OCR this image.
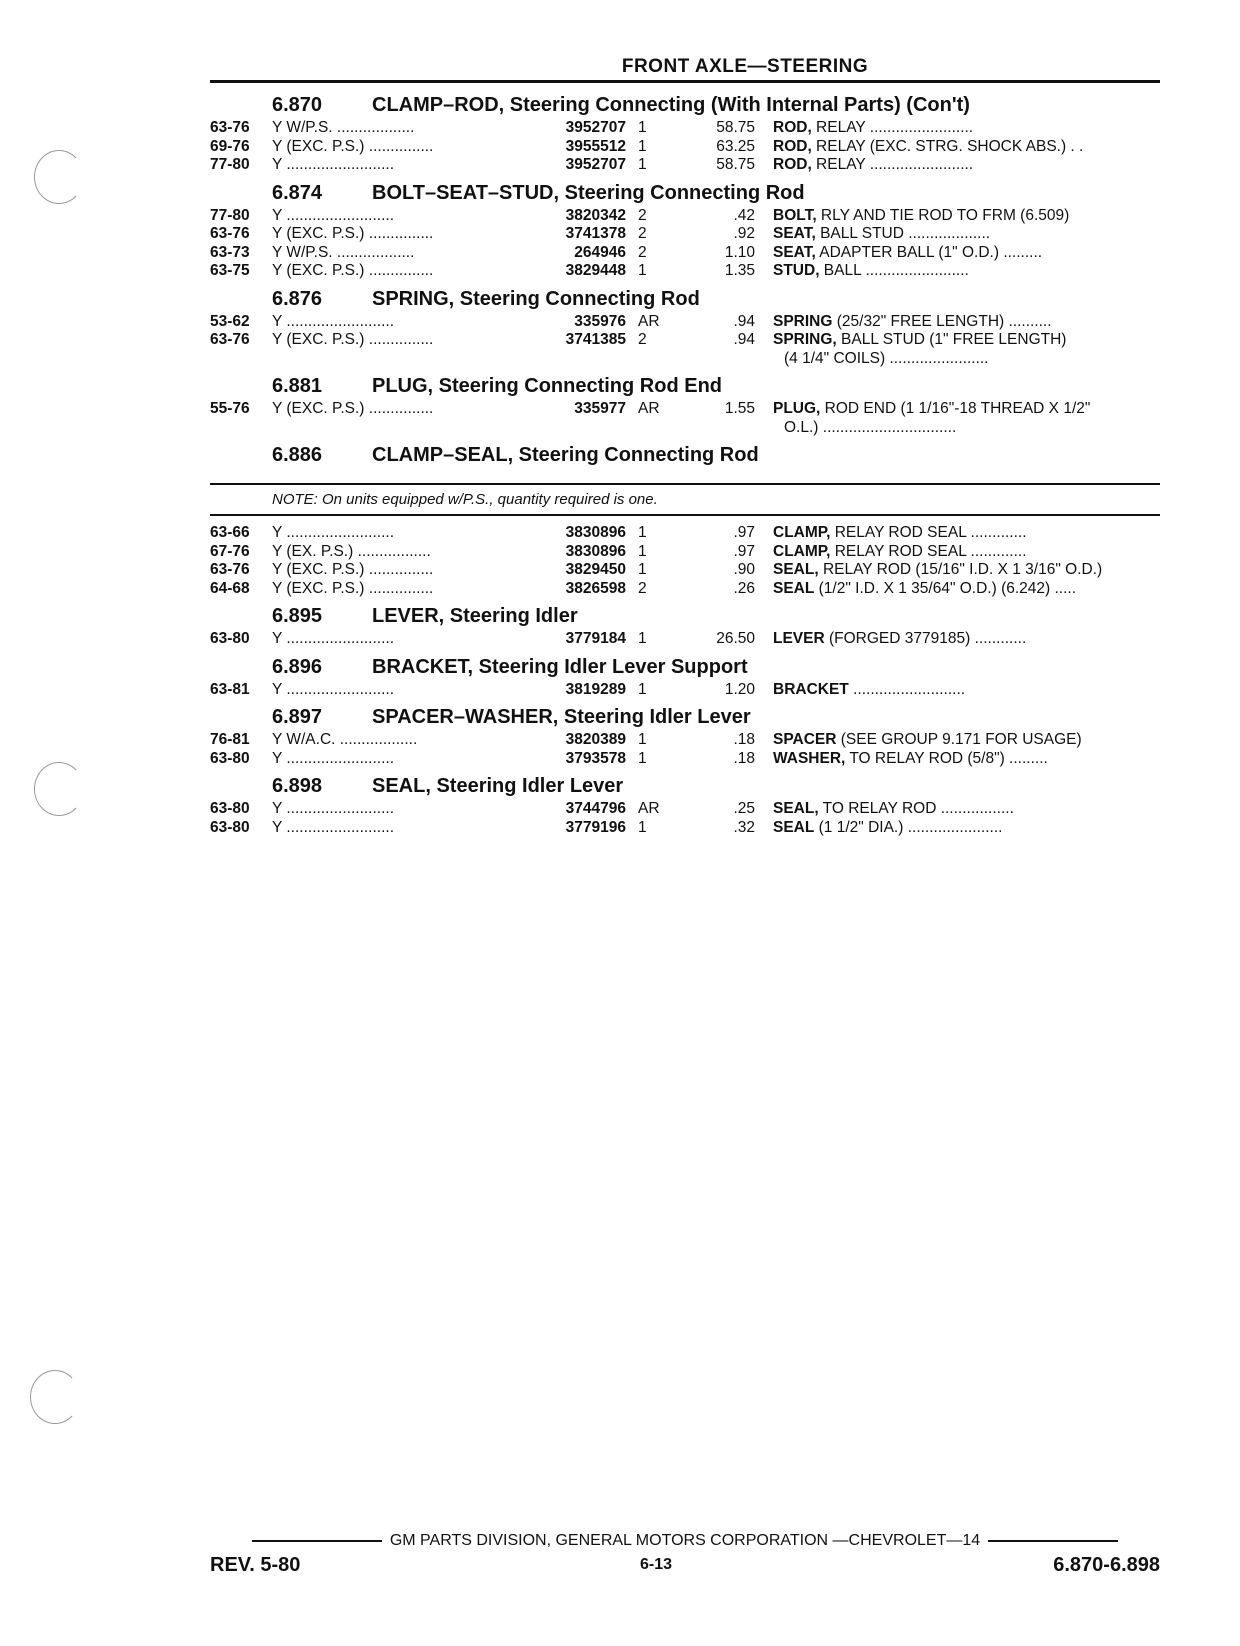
FRONT AXLE—STEERING
6.870 CLAMP–ROD, Steering Connecting (With Internal Parts) (Con't)
63-76 Y W/P.S. ..................	3952707 1	58.75 ROD, RELAY ........................
69-76 Y (EXC. P.S.) ...............	3955512 1	63.25 ROD, RELAY (EXC. STRG. SHOCK ABS.) . .
77-80 Y .........................	3952707 1	58.75 ROD, RELAY ........................
6.874 BOLT–SEAT–STUD, Steering Connecting Rod
77-80 Y .........................	3820342 2	.42 BOLT, RLY AND TIE ROD TO FRM (6.509)
63-76 Y (EXC. P.S.) ...............	3741378 2	.92 SEAT, BALL STUD ...................
63-73 Y W/P.S. ..................	264946 2	1.10 SEAT, ADAPTER BALL (1" O.D.) .........
63-75 Y (EXC. P.S.) ...............	3829448 1	1.35 STUD, BALL ........................
6.876 SPRING, Steering Connecting Rod
53-62 Y .........................	335976 AR	.94 SPRING (25/32" FREE LENGTH) ..........
63-76 Y (EXC. P.S.) ...............	3741385 2	.94 SPRING, BALL STUD (1" FREE LENGTH)
(4 1/4" COILS) .......................
6.881 PLUG, Steering Connecting Rod End
55-76 Y (EXC. P.S.) ...............	335977 AR	1.55 PLUG, ROD END (1 1/16"-18 THREAD X 1/2"
O.L.) ...............................
6.886 CLAMP–SEAL, Steering Connecting Rod
NOTE: On units equipped w/P.S., quantity required is one.
63-66 Y .........................	3830896 1	.97 CLAMP, RELAY ROD SEAL .............
67-76 Y (EX. P.S.) .................	3830896 1	.97 CLAMP, RELAY ROD SEAL .............
63-76 Y (EXC. P.S.) ...............	3829450 1	.90 SEAL, RELAY ROD (15/16" I.D. X 1 3/16" O.D.)
64-68 Y (EXC. P.S.) ...............	3826598 2	.26 SEAL (1/2" I.D. X 1 35/64" O.D.) (6.242) .....
6.895 LEVER, Steering Idler
63-80 Y .........................	3779184 1	26.50 LEVER (FORGED 3779185) ............
6.896 BRACKET, Steering Idler Lever Support
63-81 Y .........................	3819289 1	1.20 BRACKET ..........................
6.897 SPACER–WASHER, Steering Idler Lever
76-81 Y W/A.C. ..................	3820389 1	.18 SPACER (SEE GROUP 9.171 FOR USAGE)
63-80 Y .........................	3793578 1	.18 WASHER, TO RELAY ROD (5/8") .........
6.898 SEAL, Steering Idler Lever
63-80 Y .........................	3744796 AR	.25 SEAL, TO RELAY ROD .................
63-80 Y .........................	3779196 1	.32 SEAL (1 1/2" DIA.) ......................
GM PARTS DIVISION, GENERAL MOTORS CORPORATION —CHEVROLET—14
REV. 5-80	6-13	6.870-6.898
